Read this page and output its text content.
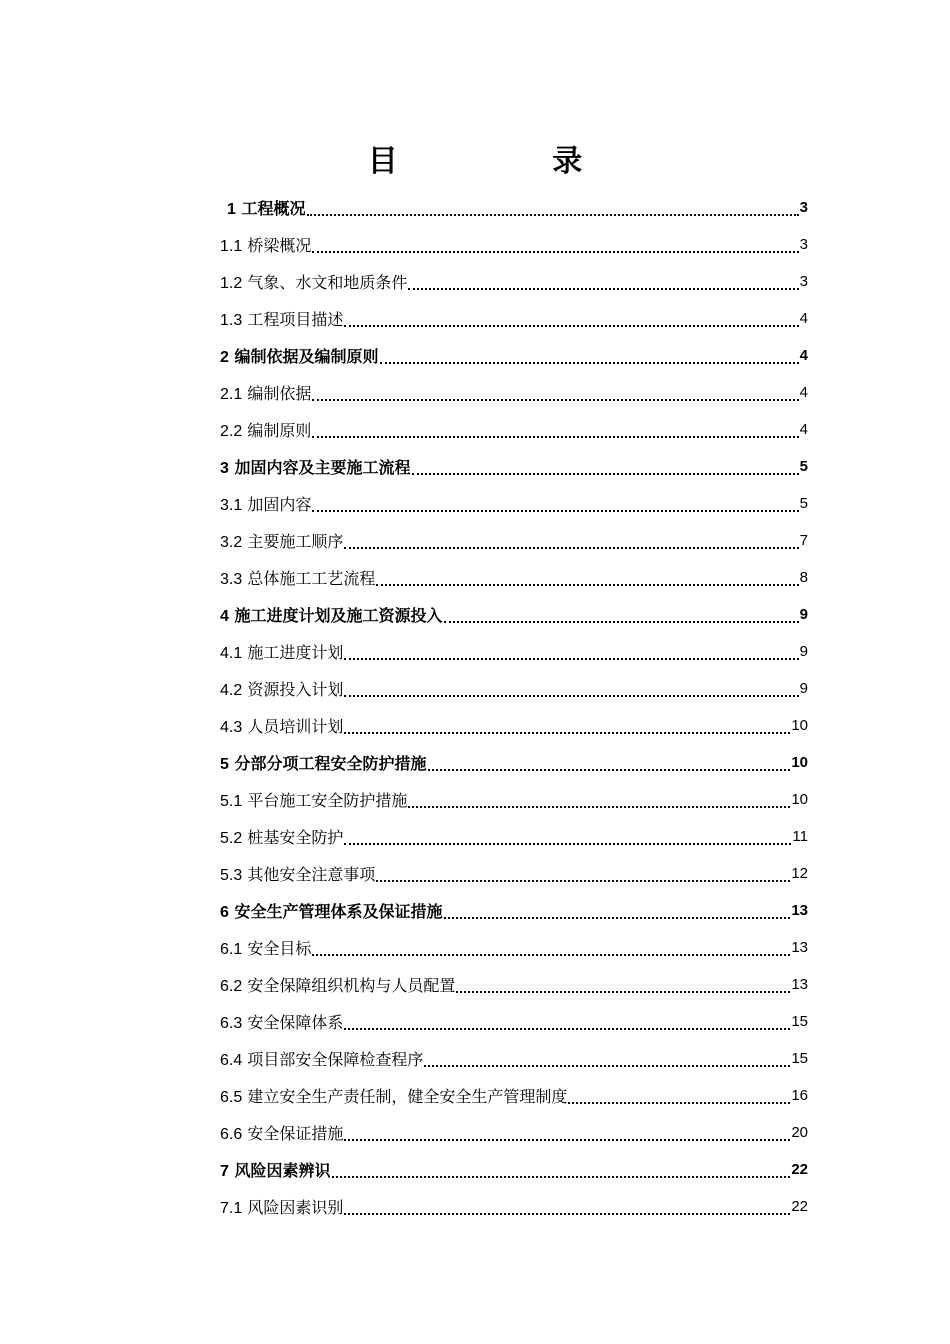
目 录
1 工程概况	3
1.1 桥梁概况	3
1.2 气象、水文和地质条件	3
1.3 工程项目描述	4
2 编制依据及编制原则	4
2.1 编制依据	4
2.2 编制原则	4
3 加固内容及主要施工流程	5
3.1 加固内容	5
3.2 主要施工顺序	7
3.3 总体施工工艺流程	8
4 施工进度计划及施工资源投入	9
4.1 施工进度计划	9
4.2 资源投入计划	9
4.3 人员培训计划	10
5 分部分项工程安全防护措施	10
5.1 平台施工安全防护措施	10
5.2 桩基安全防护	11
5.3 其他安全注意事项	12
6 安全生产管理体系及保证措施	13
6.1 安全目标	13
6.2 安全保障组织机构与人员配置	13
6.3 安全保障体系	15
6.4 项目部安全保障检查程序	15
6.5 建立安全生产责任制，健全安全生产管理制度	16
6.6 安全保证措施	20
7 风险因素辨识	22
7.1 风险因素识别	22
